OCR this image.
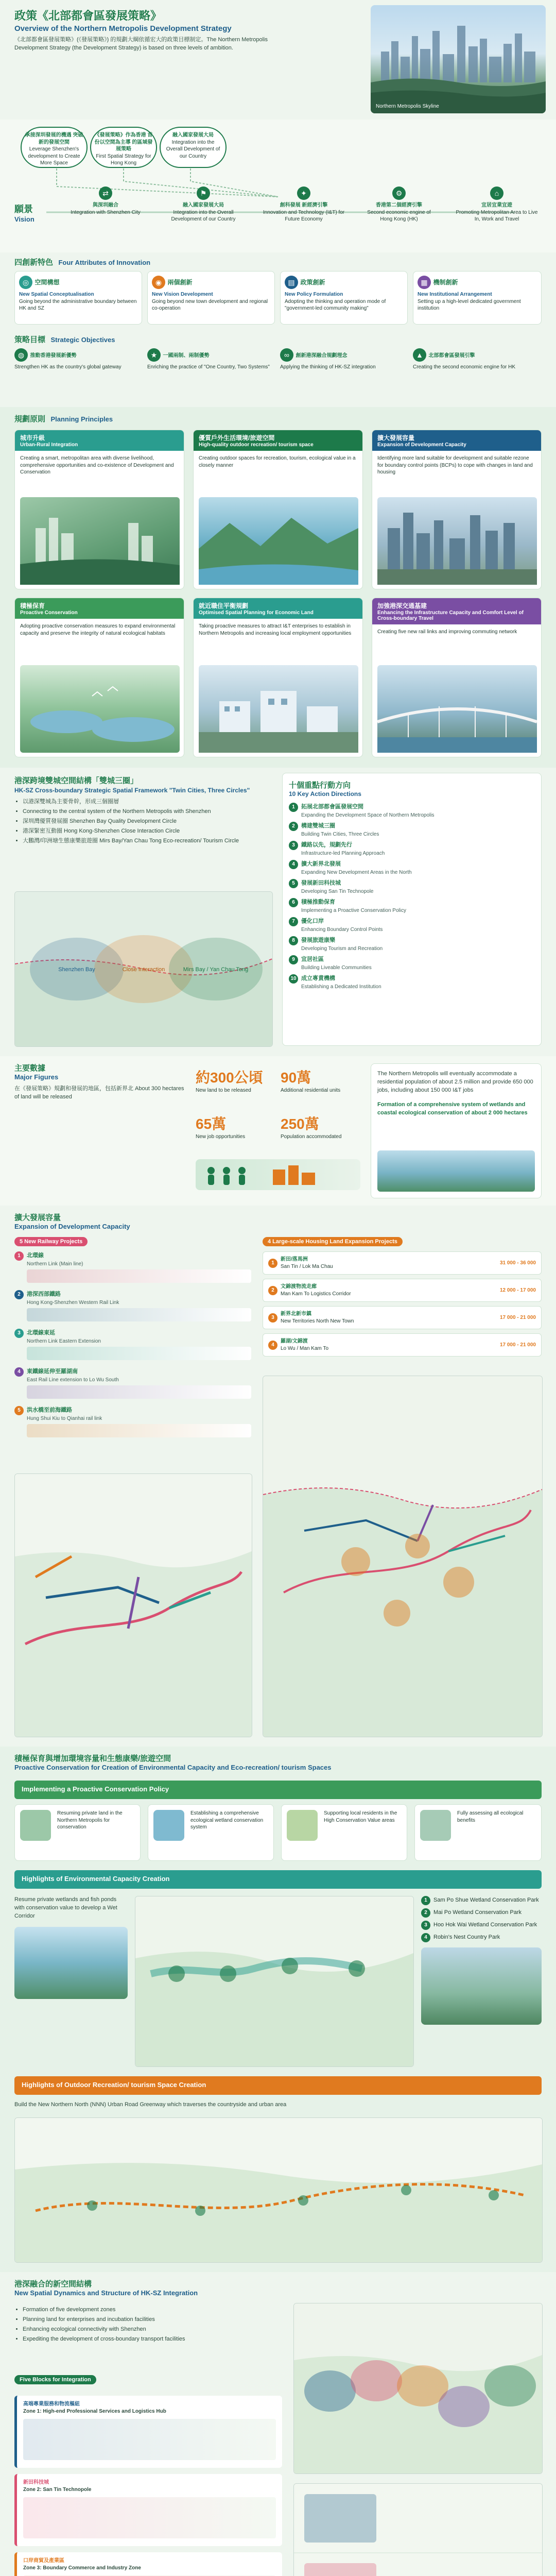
政策《北部都會區發展策略》
Overview of the Northern Metropolis Development Strategy
《北部都會區發展策略》(《發展策略》) 的規劃大綱依循宏大的政策目標制定。The Northern Metropolis Development Strategy (the Development Strategy) is based on three levels of ambition.
Northern Metropolis Skyline
承接深圳發展的機遇 突破新的發展空間
Leverage Shenzhen's development to Create More Space
《發展策略》作為香港 首份以空間為主導 的區域發展策略
First Spatial Strategy for Hong Kong
融入國家發展大局
Integration into the Overall Development of our Country
願景
Vision
⇄
與深圳融合
Integration with Shenzhen City
⚑
融入國家發展大局
Integration into the Overall Development of our Country
✦
創科發展 新經濟引擎
Innovation and Technology (I&T) for Future Economy
⚙
香港第二個經濟引擎
Second economic engine of Hong Kong (HK)
⌂
宜居宜業宜遊
Promoting Metropolitan Area to Live In, Work and Travel
四創新特色 Four Attributes of Innovation
◎ 空間構想
New Spatial Conceptualisation
Going beyond the administrative boundary between HK and SZ
◉ 兩個創新
New Vision Development
Going beyond new town development and regional co-operation
▤ 政策創新
New Policy Formulation
Adopting the thinking and operation mode of "government-led community making"
▦ 機制創新
New Institutional Arrangement
Setting up a high-level dedicated government institution
策略目標 Strategic Objectives
◍ 推動香港發展新優勢
Strengthen HK as the country's global gateway
★ 一國兩制、兩制優勢
Enriching the practice of "One Country, Two Systems"
∞ 創新港深融合規劃理念
Applying the thinking of HK-SZ integration
▲ 北部都會區發展引擎
Creating the second economic engine for HK
規劃原則 Planning Principles
城市升級
Urban-Rural Integration
Creating a smart, metropolitan area with diverse livelihood, comprehensive opportunities and co-existence of Development and Conservation
優質戶外生活環境/旅遊空間
High-quality outdoor recreation/ tourism space
Creating outdoor spaces for recreation, tourism, ecological value in a closely manner
擴大發展容量
Expansion of Development Capacity
Identifying more land suitable for development and suitable rezone for boundary control points (BCPs) to cope with changes in land and housing
積極保育
Proactive Conservation
Adopting proactive conservation measures to expand environmental capacity and preserve the integrity of natural ecological habitats
就近職住平衡規劃
Optimised Spatial Planning for Economic Land
Taking proactive measures to attract I&T enterprises to establish in Northern Metropolis and increasing local employment opportunities
加強港深交通基建
Enhancing the Infrastructure Capacity and Comfort Level of Cross-boundary Travel
Creating five new rail links and improving commuting network
港深跨境雙城空間結構「雙城三圈」
HK-SZ Cross-boundary Strategic Spatial Framework "Twin Cities, Three Circles"
• 以港深雙城為主要骨幹，形成三個圈層
• Connecting to the central system of the Northern Metropolis with Shenzhen
• 深圳灣優質發展圈 Shenzhen Bay Quality Development Circle
• 港深緊密互動圈 Hong Kong-Shenzhen Close Interaction Circle
• 大鵬灣/印洲塘生態康樂旅遊圈 Mirs Bay/Yan Chau Tong Eco-recreation/ Tourism Circle
Shenzhen Bay	Close Interaction	Mirs Bay / Yan Chau Tong
十個重點行動方向
10 Key Action Directions
1 拓展北部都會區發展空間
Expanding the Development Space of Northern Metropolis
2 構建雙城三圈
Building Twin Cities, Three Circles
3 鐵路以先，規劃先行
Infrastructure-led Planning Approach
4 擴大新界北發展
Expanding New Development Areas in the North
5 發展新田科技城
Developing San Tin Technopole
6 積極推動保育
Implementing a Proactive Conservation Policy
7 優化口岸
Enhancing Boundary Control Points
8 發展旅遊康樂
Developing Tourism and Recreation
9 宜居社區
Building Liveable Communities
10 成立專責機構
Establishing a Dedicated Institution
主要數據
Major Figures
在《發展策略》規劃和發展的地區，包括新界北 About 300 hectares of land will be released
約300公頃
New land to be released
90萬
Additional residential units
65萬
New job opportunities
250萬
Population accommodated
The Northern Metropolis will eventually accommodate a residential population of about 2.5 million and provide 650 000 jobs, including about 150 000 I&T jobs
Formation of a comprehensive system of wetlands and coastal ecological conservation of about 2 000 hectares
擴大發展容量
Expansion of Development Capacity
5 New Railway Projects
1 北環線
Northern Link (Main line)
2 港深西部鐵路
Hong Kong-Shenzhen Western Rail Link
3 北環線東延
Northern Link Eastern Extension
4 東鐵線延伸至羅湖南
East Rail Line extension to Lo Wu South
5 洪水橋至前海鐵路
Hung Shui Kiu to Qianhai rail link
4 Large-scale Housing Land Expansion Projects
1
新田/落馬洲
San Tin / Lok Ma Chau
31 000 - 36 000
2
文錦渡物流走廊
Man Kam To Logistics Corridor
12 000 - 17 000
3
新界北新市鎮
New Territories North New Town
17 000 - 21 000
4
羅湖/文錦渡
Lo Wu / Man Kam To
17 000 - 21 000
積極保育與增加環境容量和生態康樂/旅遊空間
Proactive Conservation for Creation of Environmental Capacity and Eco-recreation/ tourism Spaces
Implementing a Proactive Conservation Policy
Resuming private land in the Northern Metropolis for conservation
Establishing a comprehensive ecological wetland conservation system
Supporting local residents in the High Conservation Value areas
Fully assessing all ecological benefits
Highlights of Environmental Capacity Creation
Resume private wetlands and fish ponds with conservation value to develop a Wet Corridor
1 Sam Po Shue Wetland Conservation Park
2 Mai Po Wetland Conservation Park
3 Hoo Hok Wai Wetland Conservation Park
4 Robin's Nest Country Park
Highlights of Outdoor Recreation/ tourism Space Creation
Build the New Northern North (NNN) Urban Road Greenway which traverses the countryside and urban area
港深融合的新空間結構
New Spatial Dynamics and Structure of HK-SZ Integration
• Formation of five development zones
• Planning land for enterprises and incubation facilities
• Enhancing ecological connectivity with Shenzhen
• Expediting the development of cross-boundary transport facilities
Five Blocks for Integration
高端專業服務和物流樞紐
Zone 1: High-end Professional Services and Logistics Hub
新田科技城
Zone 2: San Tin Technopole
口岸商貿及產業區
Zone 3: Boundary Commerce and Industry Zone
